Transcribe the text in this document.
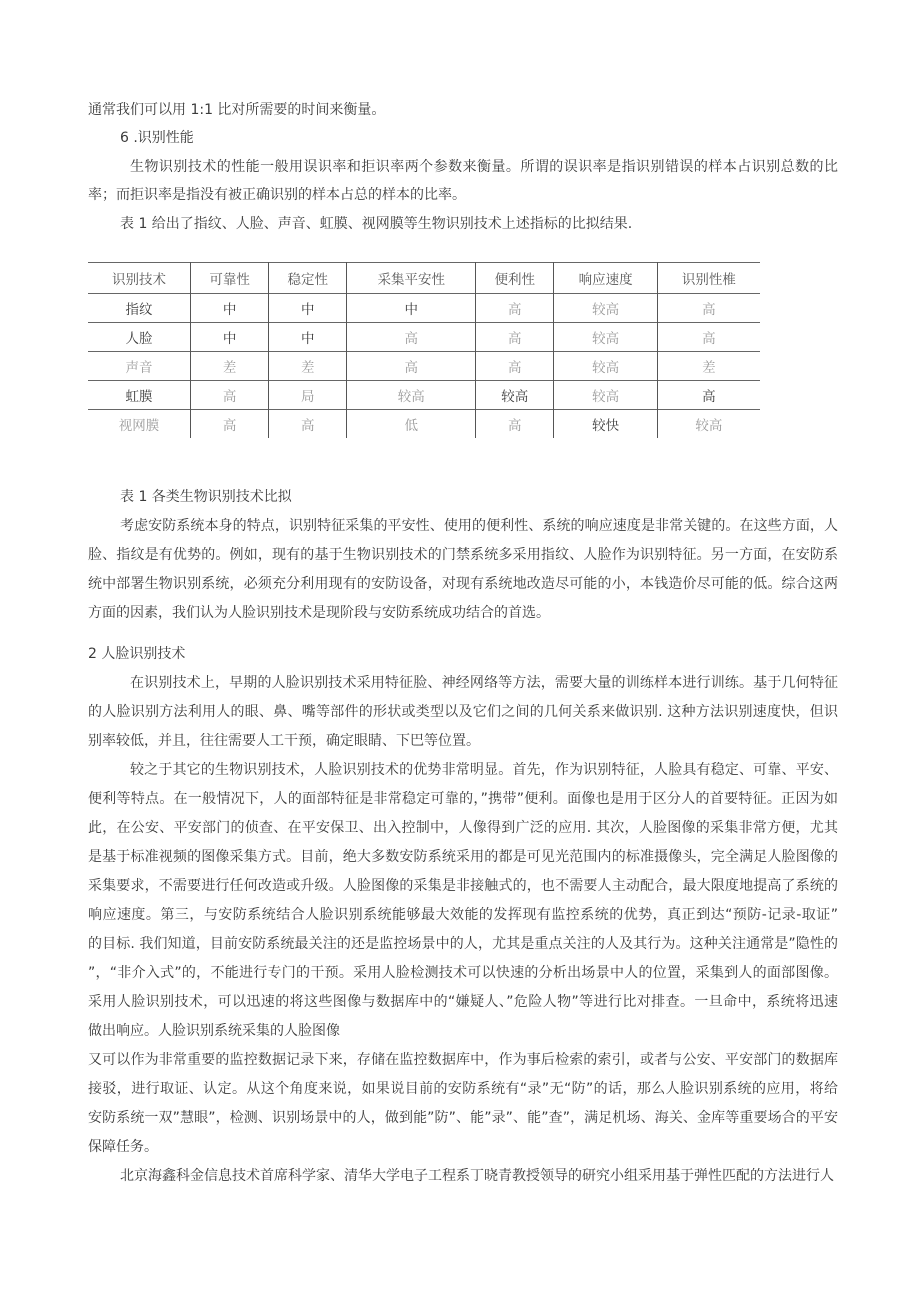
通常我们可以用 1:1 比对所需要的时间来衡量。
6 .识别性能
生物识别技术的性能一般用误识率和拒识率两个参数来衡量。所谓的误识率是指识别错误的样本占识别总数的比
率；而拒识率是指没有被正确识别的样本占总的样本的比率。
表 1 给出了指纹、人脸、声音、虹膜、视网膜等生物识别技术上述指标的比拟结果.
识别技术	可靠性	稳定性	采集平安性	便利性	响应速度	识别性椎
指纹	中	中	中	高	较高	高
人脸	中	中	高	高	较高	高
声音	差	差	高	高	较高	差
虹膜	高	局	较高	较高	较高	高
视网膜	高	高	低	高	较快	较高
表 1 各类生物识别技术比拟
考虑安防系统本身的特点，识别特征采集的平安性、使用的便利性、系统的响应速度是非常关键的。在这些方面，人
脸、指纹是有优势的。例如，现有的基于生物识别技术的门禁系统多采用指纹、人脸作为识别特征。另一方面，在安防系
统中部署生物识别系统，必须充分利用现有的安防设备，对现有系统地改造尽可能的小，本钱造价尽可能的低。综合这两
方面的因素，我们认为人脸识别技术是现阶段与安防系统成功结合的首选。
2 人脸识别技术
在识别技术上，早期的人脸识别技术采用特征脸、神经网络等方法，需要大量的训练样本进行训练。基于几何特征
的人脸识别方法利用人的眼、鼻、嘴等部件的形状或类型以及它们之间的几何关系来做识别. 这种方法识别速度快，但识
别率较低，并且，往往需要人工干预，确定眼睛、下巴等位置。
较之于其它的生物识别技术，人脸识别技术的优势非常明显。首先，作为识别特征，人脸具有稳定、可靠、平安、
便利等特点。在一般情况下，人的面部特征是非常稳定可靠的，”携带”便利。面像也是用于区分人的首要特征。正因为如
此，在公安、平安部门的侦查、在平安保卫、出入控制中，人像得到广泛的应用. 其次，人脸图像的采集非常方便，尤其
是基于标准视频的图像采集方式。目前，绝大多数安防系统采用的都是可见光范围内的标准摄像头，完全满足人脸图像的
采集要求，不需要进行任何改造或升级。人脸图像的采集是非接触式的，也不需要人主动配合，最大限度地提高了系统的
响应速度。第三，与安防系统结合人脸识别系统能够最大效能的发挥现有监控系统的优势，真正到达“预防-记录-取证”
的目标. 我们知道，目前安防系统最关注的还是监控场景中的人，尤其是重点关注的人及其行为。这种关注通常是”隐性的
”，“非介入式”的，不能进行专门的干预。采用人脸检测技术可以快速的分析出场景中人的位置，采集到人的面部图像。
采用人脸识别技术，可以迅速的将这些图像与数据库中的“嫌疑人、”危险人物”等进行比对排查。一旦命中，系统将迅速
做出响应。人脸识别系统采集的人脸图像
又可以作为非常重要的监控数据记录下来，存储在监控数据库中，作为事后检索的索引，或者与公安、平安部门的数据库
接驳，进行取证、认定。从这个角度来说，如果说目前的安防系统有“录”无“防”的话，那么人脸识别系统的应用，将给
安防系统一双”慧眼”，检测、识别场景中的人，做到能”防”、能”录”、能”查”，满足机场、海关、金库等重要场合的平安
保障任务。
北京海鑫科金信息技术首席科学家、清华大学电子工程系丁晓青教授领导的研究小组采用基于弹性匹配的方法进行人
